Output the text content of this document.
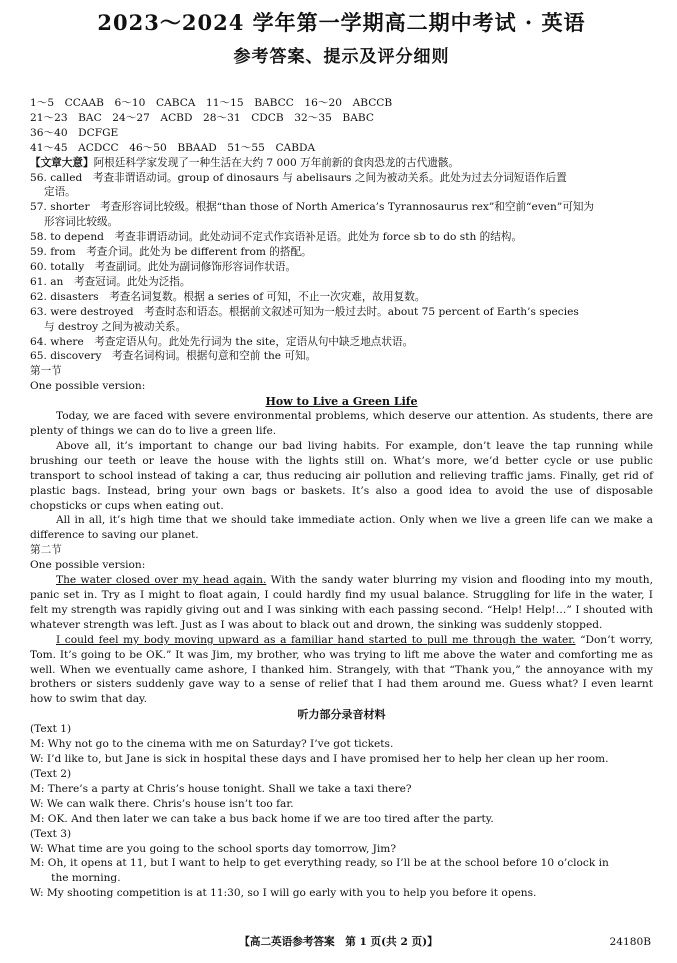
2023～2024 学年第一学期高二期中考试 · 英语
参考答案、提示及评分细则
1～5　CCAAB　6～10　CABCA　11～15　BABCC　16～20　ABCCB
21～23　BAC　24～27　ACBD　28～31　CDCB　32～35　BABC
36～40　DCFGE
41～45　ACDCC　46～50　BBAAD　51～55　CABDA
【文章大意】阿根廷科学家发现了一种生活在大约 7 000 万年前新的食肉恐龙的古代遗骸。
56. called　考查非谓语动词。group of dinosaurs 与 abelisaurs 之间为被动关系。此处为过去分词短语作后置
定语。
57. shorter　考查形容词比较级。根据“than those of North America’s Tyrannosaurus rex”和空前“even”可知为
形容词比较级。
58. to depend　考查非谓语动词。此处动词不定式作宾语补足语。此处为 force sb to do sth 的结构。
59. from　考查介词。此处为 be different from 的搭配。
60. totally　考查副词。此处为副词修饰形容词作状语。
61. an　考查冠词。此处为泛指。
62. disasters　考查名词复数。根据 a series of 可知，不止一次灾难，故用复数。
63. were destroyed　考查时态和语态。根据前文叙述可知为一般过去时。about 75 percent of Earth’s species
与 destroy 之间为被动关系。
64. where　考查定语从句。此处先行词为 the site，定语从句中缺乏地点状语。
65. discovery　考查名词构词。根据句意和空前 the 可知。
第一节
One possible version:

How to Live a Green Life

Today, we are faced with severe environmental problems, which deserve our attention. As students, there are plenty of things we can do to live a green life.

Above all, it’s important to change our bad living habits. For example, don’t leave the tap running while brushing our teeth or leave the house with the lights still on. What’s more, we’d better cycle or use public transport to school instead of taking a car, thus reducing air pollution and relieving traffic jams. Finally, get rid of plastic bags. Instead, bring your own bags or baskets. It’s also a good idea to avoid the use of disposable chopsticks or cups when eating out.

All in all, it’s high time that we should take immediate action. Only when we live a green life can we make a difference to saving our planet.

第二节
One possible version:

The water closed over my head again. With the sandy water blurring my vision and flooding into my mouth, panic set in. Try as I might to float again, I could hardly find my usual balance. Struggling for life in the water, I felt my strength was rapidly giving out and I was sinking with each passing second. “Help! Help!…” I shouted with whatever strength was left. Just as I was about to black out and drown, the sinking was suddenly stopped.

I could feel my body moving upward as a familiar hand started to pull me through the water. “Don’t worry, Tom. It’s going to be OK.” It was Jim, my brother, who was trying to lift me above the water and comforting me as well. When we eventually came ashore, I thanked him. Strangely, with that “Thank you,” the annoyance with my brothers or sisters suddenly gave way to a sense of relief that I had them around me. Guess what? I even learnt how to swim that day.

听力部分录音材料

(Text 1)
M: Why not go to the cinema with me on Saturday? I’ve got tickets.
W: I’d like to, but Jane is sick in hospital these days and I have promised her to help her clean up her room.
(Text 2)
M: There’s a party at Chris’s house tonight. Shall we take a taxi there?
W: We can walk there. Chris’s house isn’t too far.
M: OK. And then later we can take a bus back home if we are too tired after the party.
(Text 3)
W: What time are you going to the school sports day tomorrow, Jim?
M: Oh, it opens at 11, but I want to help to get everything ready, so I’ll be at the school before 10 o’clock in
　　the morning.
W: My shooting competition is at 11:30, so I will go early with you to help you before it opens.
【高二英语参考答案　第 1 页(共 2 页)】	24180B
